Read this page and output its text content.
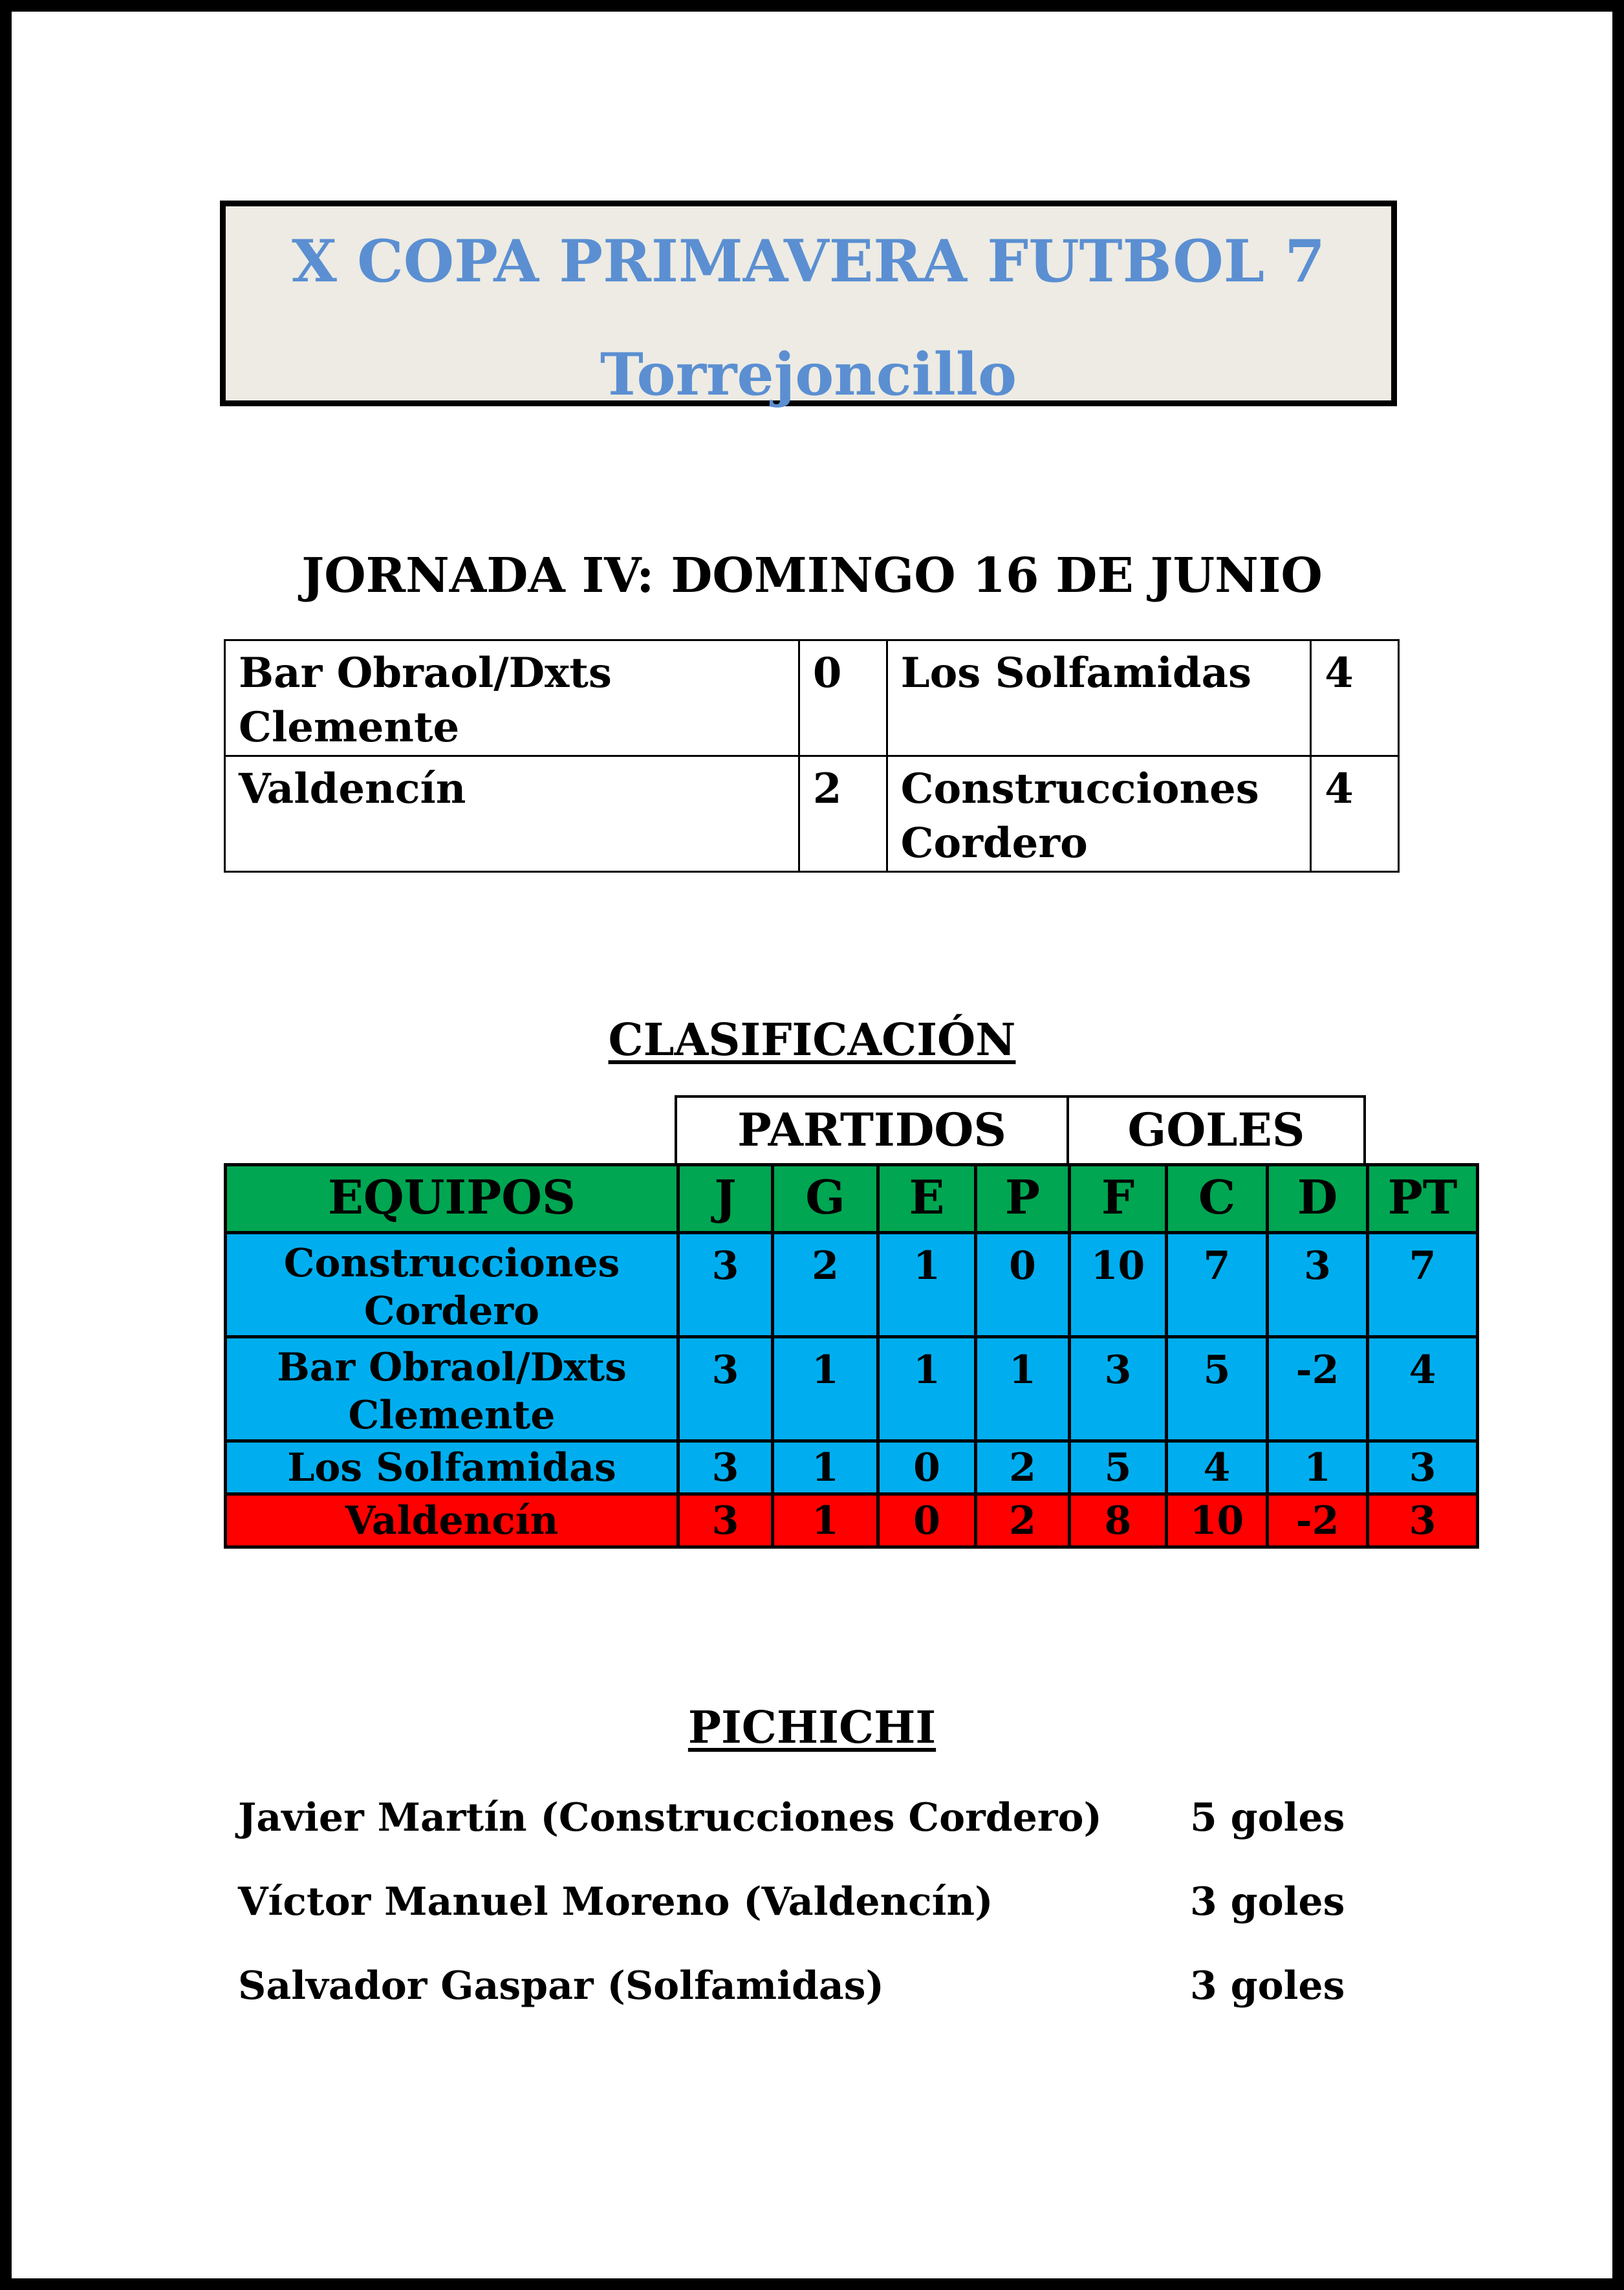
X COPA PRIMAVERA FUTBOL 7
Torrejoncillo
JORNADA IV: DOMINGO 16 DE JUNIO
Bar Obraol/Dxts Clemente	0	Los Solfamidas	4
Valdencín	2	Construcciones Cordero	4
CLASIFICACIÓN
PARTIDOS	GOLES
EQUIPOS	J	G	E	P	F	C	D	PT
Construcciones Cordero	3	2	1	0	10	7	3	7
Bar Obraol/Dxts Clemente	3	1	1	1	3	5	-2	4
Los Solfamidas	3	1	0	2	5	4	1	3
Valdencín	3	1	0	2	8	10	-2	3
PICHICHI
Javier Martín (Construcciones Cordero) 5 goles
Víctor Manuel Moreno (Valdencín)	3 goles
Salvador Gaspar (Solfamidas)	3 goles
